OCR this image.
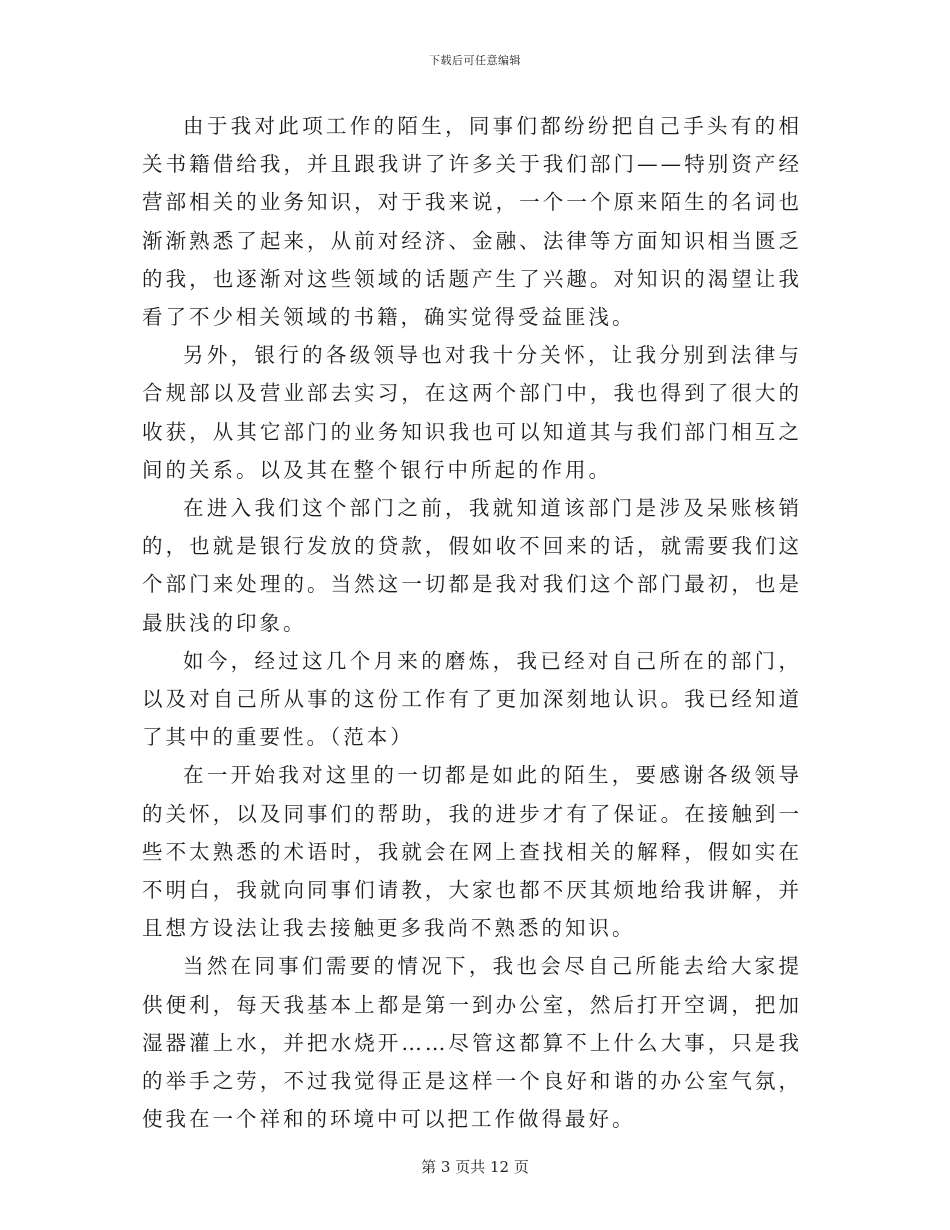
下载后可任意编辑

由于我对此项工作的陌生，同事们都纷纷把自己手头有的相关书籍借给我，并且跟我讲了许多关于我们部门——特别资产经营部相关的业务知识，对于我来说，一个一个原来陌生的名词也渐渐熟悉了起来，从前对经济、金融、法律等方面知识相当匮乏的我，也逐渐对这些领域的话题产生了兴趣。对知识的渴望让我看了不少相关领域的书籍，确实觉得受益匪浅。

另外，银行的各级领导也对我十分关怀，让我分别到法律与合规部以及营业部去实习，在这两个部门中，我也得到了很大的收获，从其它部门的业务知识我也可以知道其与我们部门相互之间的关系。以及其在整个银行中所起的作用。

在进入我们这个部门之前，我就知道该部门是涉及呆账核销的，也就是银行发放的贷款，假如收不回来的话，就需要我们这个部门来处理的。当然这一切都是我对我们这个部门最初，也是最肤浅的印象。

如今，经过这几个月来的磨炼，我已经对自己所在的部门，以及对自己所从事的这份工作有了更加深刻地认识。我已经知道了其中的重要性。（范本）

在一开始我对这里的一切都是如此的陌生，要感谢各级领导的关怀，以及同事们的帮助，我的进步才有了保证。在接触到一些不太熟悉的术语时，我就会在网上查找相关的解释，假如实在不明白，我就向同事们请教，大家也都不厌其烦地给我讲解，并且想方设法让我去接触更多我尚不熟悉的知识。

当然在同事们需要的情况下，我也会尽自己所能去给大家提供便利，每天我基本上都是第一到办公室，然后打开空调，把加湿器灌上水，并把水烧开……尽管这都算不上什么大事，只是我的举手之劳，不过我觉得正是这样一个良好和谐的办公室气氛，使我在一个祥和的环境中可以把工作做得最好。

第 3 页共 12 页
